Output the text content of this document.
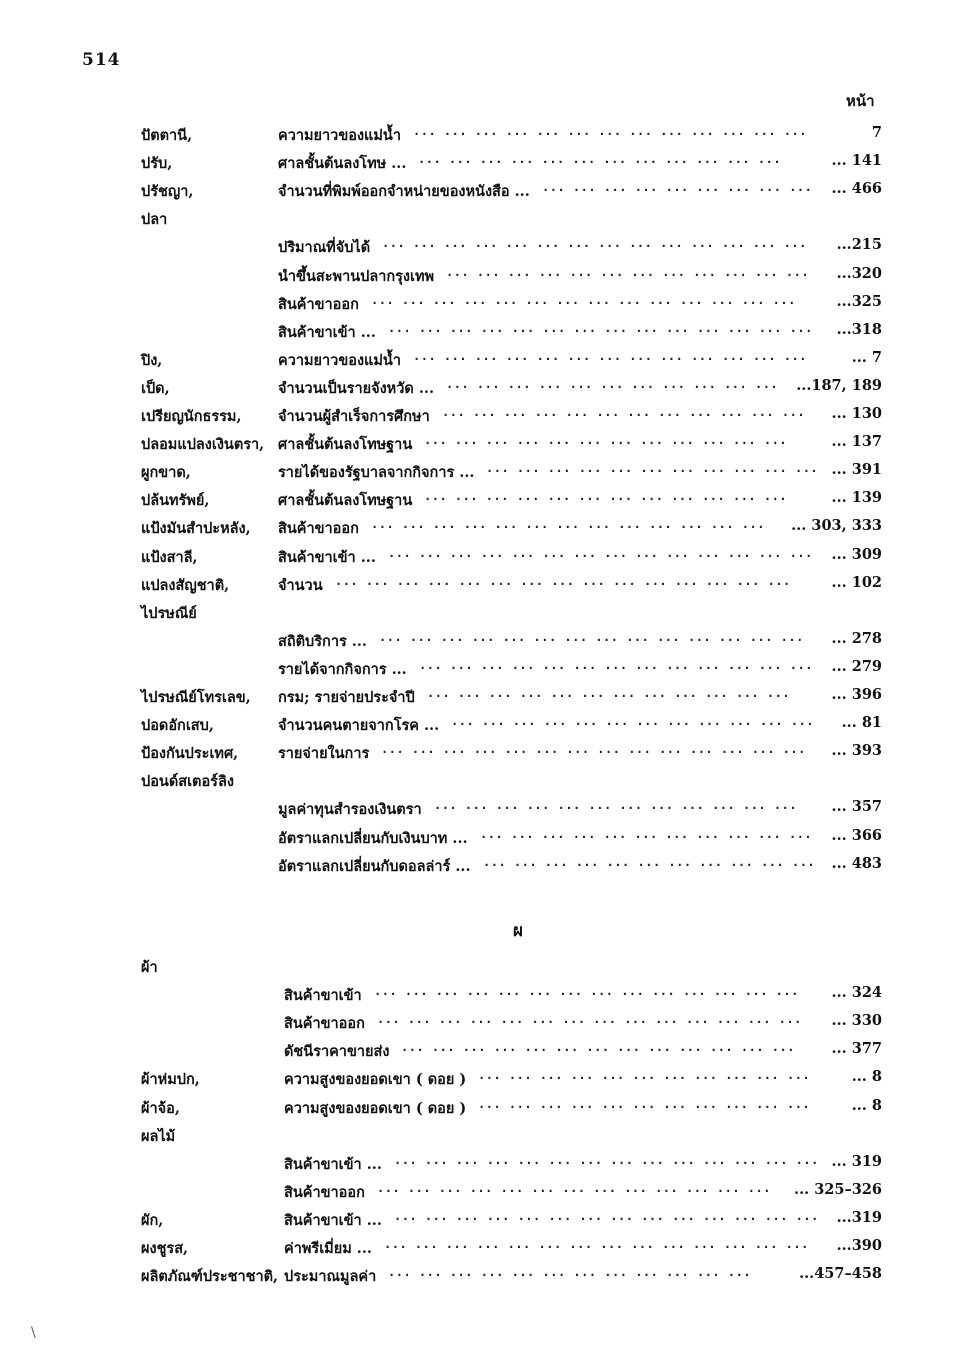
514
หน้า
ปัตตานี,	ความยาวของแม่น้ำ ... ... ... ... ... ... ... ... ... ... ... ... ...	7
ปรับ,	ศาลชั้นต้นลงโทษ ... ... ... ... ... ... ... ... ... ... ... ... ...	... 141
ปรัชญา,	จำนวนที่พิมพ์ออกจำหน่ายของหนังสือ ... ... ... ... ... ... ... ... ... ...	... 466
ปลา
ปริมาณที่จับได้ ... ... ... ... ... ... ... ... ... ... ... ... ... ...	...215
นำขึ้นสะพานปลากรุงเทพ ... ... ... ... ... ... ... ... ... ... ... ...	...320
สินค้าขาออก ... ... ... ... ... ... ... ... ... ... ... ... ... ...	...325
สินค้าขาเข้า ... ... ... ... ... ... ... ... ... ... ... ... ... ... ...	...318
ปิง,	ความยาวของแม่น้ำ ... ... ... ... ... ... ... ... ... ... ... ... ...	... 7
เป็ด,	จำนวนเป็นรายจังหวัด ... ... ... ... ... ... ... ... ... ... ... ...	...187, 189
เปรียญนักธรรม,	จำนวนผู้สำเร็จการศึกษา ... ... ... ... ... ... ... ... ... ... ... ...	... 130
ปลอมแปลงเงินตรา, ศาลชั้นต้นลงโทษฐาน ... ... ... ... ... ... ... ... ... ... ... ...	... 137
ผูกขาด,	รายได้ของรัฐบาลจากกิจการ ... ... ... ... ... ... ... ... ... ... ... ... ... 391
ปล้นทรัพย์,	ศาลชั้นต้นลงโทษฐาน ... ... ... ... ... ... ... ... ... ... ... ...	... 139
แป้งมันสำปะหลัง, สินค้าขาออก ... ... ... ... ... ... ... ... ... ... ... ... ...	... 303, 333
แป้งสาลี,	สินค้าขาเข้า ... ... ... ... ... ... ... ... ... ... ... ... ... ... ...	... 309
แปลงสัญชาติ,	จำนวน ... ... ... ... ... ... ... ... ... ... ... ... ... ... ...	... 102
ไปรษณีย์
สถิติบริการ ... ... ... ... ... ... ... ... ... ... ... ... ... ... ...	... 278
รายได้จากกิจการ ... ... ... ... ... ... ... ... ... ... ... ... ... ...	... 279
ไปรษณีย์โทรเลข, กรม; รายจ่ายประจำปี ... ... ... ... ... ... ... ... ... ... ... ...	... 396
ปอดอักเสบ,	จำนวนคนตายจากโรค ... ... ... ... ... ... ... ... ... ... ... ... ...	... 81
ป้องกันประเทศ,	รายจ่ายในการ ... ... ... ... ... ... ... ... ... ... ... ... ... ...	... 393
ปอนด์สเตอร์ลิง
มูลค่าทุนสำรองเงินตรา ... ... ... ... ... ... ... ... ... ... ... ...	... 357
อัตราแลกเปลี่ยนกับเงินบาท ... ... ... ... ... ... ... ... ... ... ... ...	... 366
อัตราแลกเปลี่ยนกับดอลล่าร์ ... ... ... ... ... ... ... ... ... ... ... ...	... 483
ผ
ผ้า
สินค้าขาเข้า ... ... ... ... ... ... ... ... ... ... ... ... ... ...	... 324
สินค้าขาออก ... ... ... ... ... ... ... ... ... ... ... ... ... ...	... 330
ดัชนีราคาขายส่ง ... ... ... ... ... ... ... ... ... ... ... ... ...	... 377
ผ้าห่มปก,	ความสูงของยอดเขา ( ดอย ) ... ... ... ... ... ... ... ... ... ... ...	... 8
ผ้าจ้อ,	ความสูงของยอดเขา ( ดอย ) ... ... ... ... ... ... ... ... ... ... ...	... 8
ผลไม้
สินค้าขาเข้า ... ... ... ... ... ... ... ... ... ... ... ... ... ... ... ... 319
สินค้าขาออก ... ... ... ... ... ... ... ... ... ... ... ... ...	... 325–326
ผัก,	สินค้าขาเข้า ... ... ... ... ... ... ... ... ... ... ... ... ... ... ...	...319
ผงชูรส,	ค่าพรีเมี่ยม ... ... ... ... ... ... ... ... ... ... ... ... ... ... ...	...390
ผลิตภัณฑ์ประชาชาติ, ประมาณมูลค่า ... ... ... ... ... ... ... ... ... ... ... ...	...457–458
\
